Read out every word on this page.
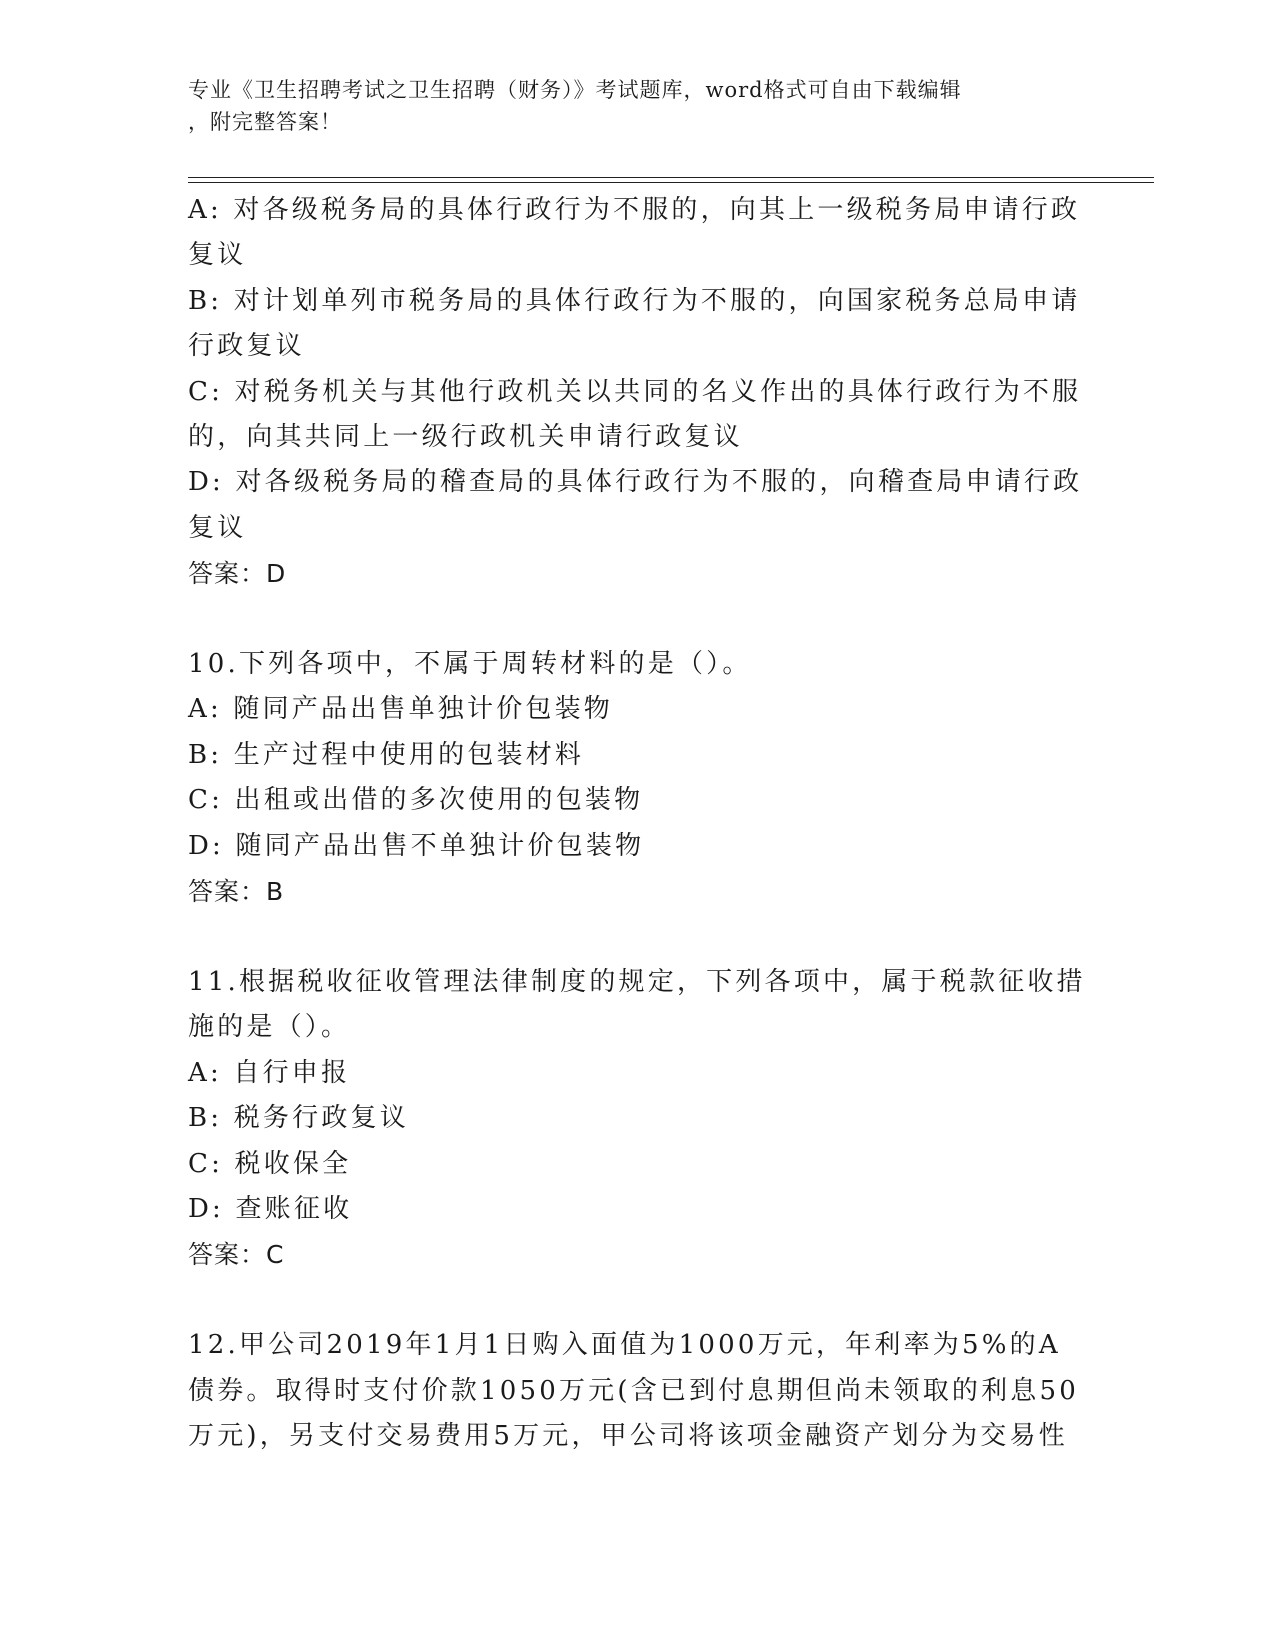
专业《卫生招聘考试之卫生招聘（财务）》考试题库，word格式可自由下载编辑
，附完整答案！

A: 对各级税务局的具体行政行为不服的，向其上一级税务局申请行政

复议

B: 对计划单列市税务局的具体行政行为不服的，向国家税务总局申请

行政复议

C: 对税务机关与其他行政机关以共同的名义作出的具体行政行为不服

的，向其共同上一级行政机关申请行政复议

D: 对各级税务局的稽查局的具体行政行为不服的，向稽查局申请行政

复议

答案：D

10.下列各项中，不属于周转材料的是（）。

A: 随同产品出售单独计价包装物

B: 生产过程中使用的包装材料

C: 出租或出借的多次使用的包装物

D: 随同产品出售不单独计价包装物

答案：B

11.根据税收征收管理法律制度的规定，下列各项中，属于税款征收措

施的是（）。

A: 自行申报

B: 税务行政复议

C: 税收保全

D: 查账征收

答案：C

12.甲公司2019年1月1日购入面值为1000万元，年利率为5%的A

债券。取得时支付价款1050万元(含已到付息期但尚未领取的利息50

万元)，另支付交易费用5万元，甲公司将该项金融资产划分为交易性
